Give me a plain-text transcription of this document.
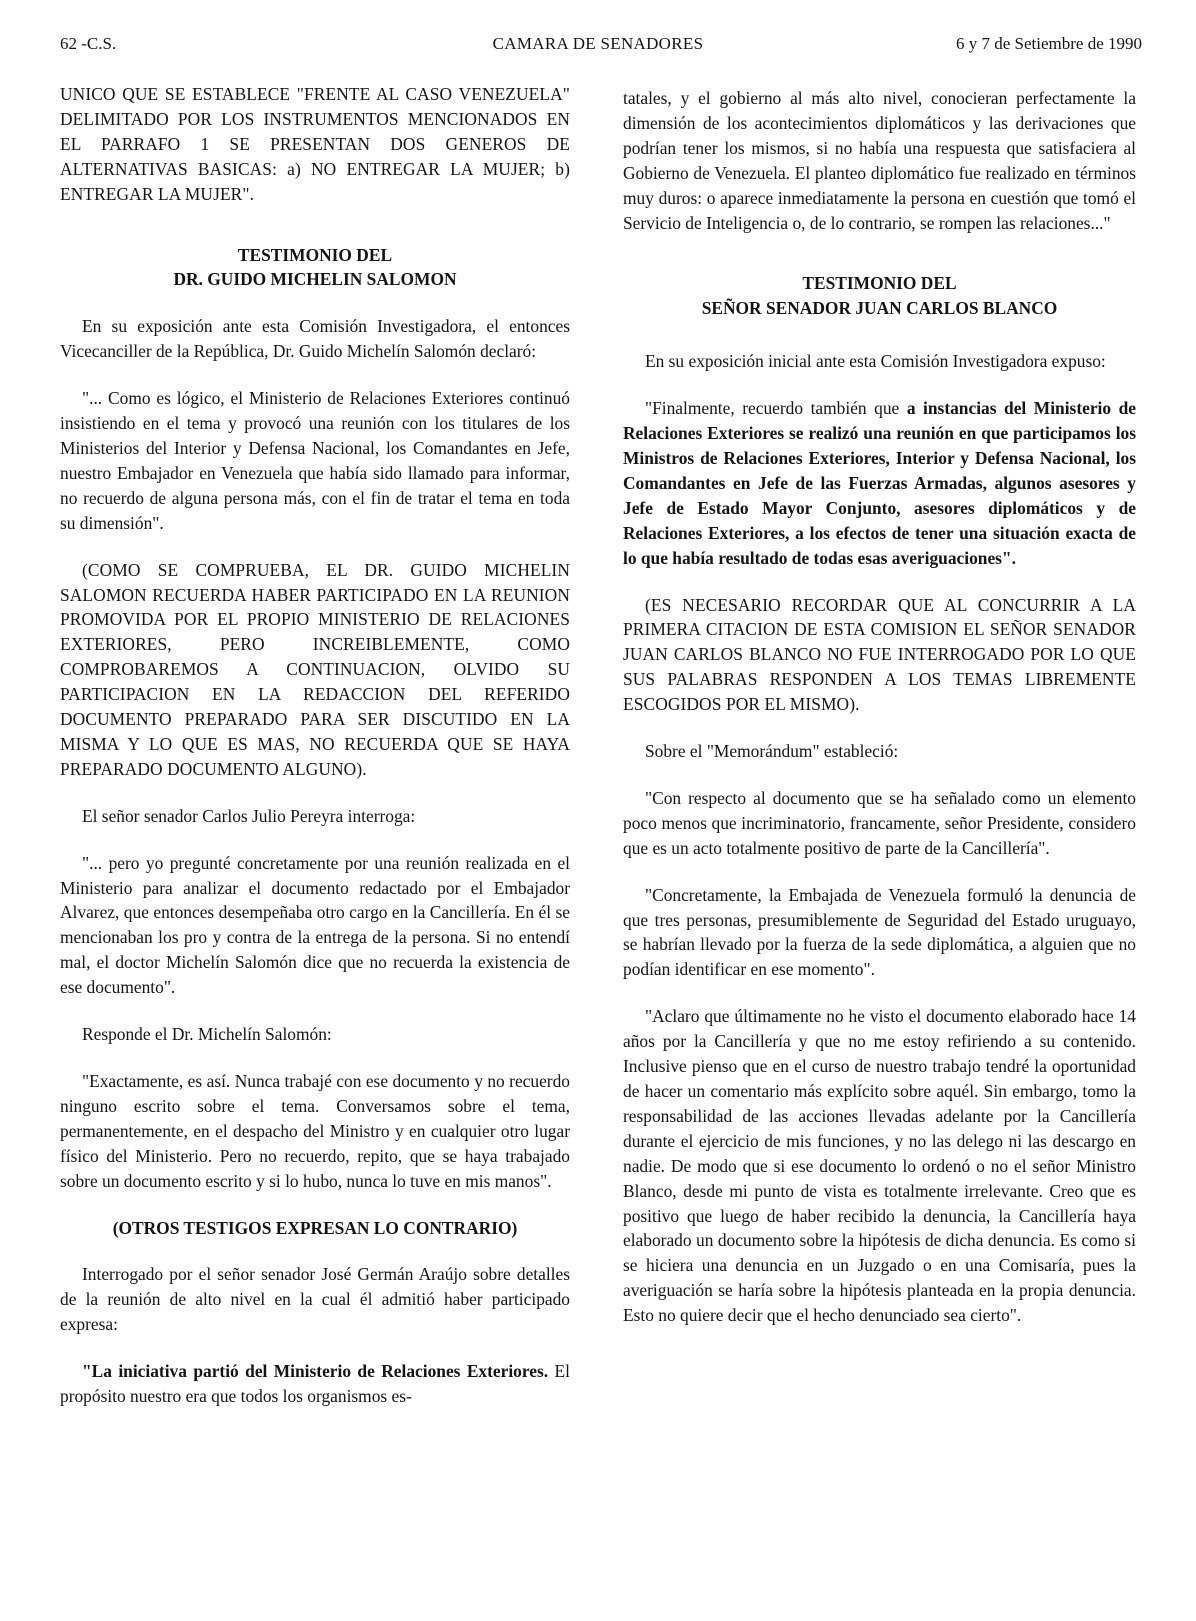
62 -C.S.	CAMARA DE SENADORES	6 y 7 de Setiembre de 1990

UNICO QUE SE ESTABLECE "FRENTE AL CASO VENEZUELA" DELIMITADO POR LOS INSTRUMENTOS MENCIONADOS EN EL PARRAFO 1 SE PRESENTAN DOS GENEROS DE ALTERNATIVAS BASICAS: a) NO ENTREGAR LA MUJER; b) ENTREGAR LA MUJER".

TESTIMONIO DEL
DR. GUIDO MICHELIN SALOMON

En su exposición ante esta Comisión Investigadora, el entonces Vicecanciller de la República, Dr. Guido Michelín Salomón declaró:

"... Como es lógico, el Ministerio de Relaciones Exteriores continuó insistiendo en el tema y provocó una reunión con los titulares de los Ministerios del Interior y Defensa Nacional, los Comandantes en Jefe, nuestro Embajador en Venezuela que había sido llamado para informar, no recuerdo de alguna persona más, con el fin de tratar el tema en toda su dimensión".

(COMO SE COMPRUEBA, EL DR. GUIDO MICHELIN SALOMON RECUERDA HABER PARTICIPADO EN LA REUNION PROMOVIDA POR EL PROPIO MINISTERIO DE RELACIONES EXTERIORES, PERO INCREIBLEMENTE, COMO COMPROBAREMOS A CONTINUACION, OLVIDO SU PARTICIPACION EN LA REDACCION DEL REFERIDO DOCUMENTO PREPARADO PARA SER DISCUTIDO EN LA MISMA Y LO QUE ES MAS, NO RECUERDA QUE SE HAYA PREPARADO DOCUMENTO ALGUNO).

El señor senador Carlos Julio Pereyra interroga:

"... pero yo pregunté concretamente por una reunión realizada en el Ministerio para analizar el documento redactado por el Embajador Alvarez, que entonces desempeñaba otro cargo en la Cancillería. En él se mencionaban los pro y contra de la entrega de la persona. Si no entendí mal, el doctor Michelín Salomón dice que no recuerda la existencia de ese documento".

Responde el Dr. Michelín Salomón:

"Exactamente, es así. Nunca trabajé con ese documento y no recuerdo ninguno escrito sobre el tema. Conversamos sobre el tema, permanentemente, en el despacho del Ministro y en cualquier otro lugar físico del Ministerio. Pero no recuerdo, repito, que se haya trabajado sobre un documento escrito y si lo hubo, nunca lo tuve en mis manos".

(OTROS TESTIGOS EXPRESAN LO CONTRARIO)

Interrogado por el señor senador José Germán Araújo sobre detalles de la reunión de alto nivel en la cual él admitió haber participado expresa:

"La iniciativa partió del Ministerio de Relaciones Exteriores. El propósito nuestro era que todos los organismos es-

tatales, y el gobierno al más alto nivel, conocieran perfectamente la dimensión de los acontecimientos diplomáticos y las derivaciones que podrían tener los mismos, si no había una respuesta que satisfaciera al Gobierno de Venezuela. El planteo diplomático fue realizado en términos muy duros: o aparece inmediatamente la persona en cuestión que tomó el Servicio de Inteligencia o, de lo contrario, se rompen las relaciones..."

TESTIMONIO DEL
SEÑOR SENADOR JUAN CARLOS BLANCO

En su exposición inicial ante esta Comisión Investigadora expuso:

"Finalmente, recuerdo también que a instancias del Ministerio de Relaciones Exteriores se realizó una reunión en que participamos los Ministros de Relaciones Exteriores, Interior y Defensa Nacional, los Comandantes en Jefe de las Fuerzas Armadas, algunos asesores y Jefe de Estado Mayor Conjunto, asesores diplomáticos y de Relaciones Exteriores, a los efectos de tener una situación exacta de lo que había resultado de todas esas averiguaciones".

(ES NECESARIO RECORDAR QUE AL CONCURRIR A LA PRIMERA CITACION DE ESTA COMISION EL SEÑOR SENADOR JUAN CARLOS BLANCO NO FUE INTERROGADO POR LO QUE SUS PALABRAS RESPONDEN A LOS TEMAS LIBREMENTE ESCOGIDOS POR EL MISMO).

Sobre el "Memorándum" estableció:

"Con respecto al documento que se ha señalado como un elemento poco menos que incriminatorio, francamente, señor Presidente, considero que es un acto totalmente positivo de parte de la Cancillería".

"Concretamente, la Embajada de Venezuela formuló la denuncia de que tres personas, presumiblemente de Seguridad del Estado uruguayo, se habrían llevado por la fuerza de la sede diplomática, a alguien que no podían identificar en ese momento".

"Aclaro que últimamente no he visto el documento elaborado hace 14 años por la Cancillería y que no me estoy refiriendo a su contenido. Inclusive pienso que en el curso de nuestro trabajo tendré la oportunidad de hacer un comentario más explícito sobre aquél. Sin embargo, tomo la responsabilidad de las acciones llevadas adelante por la Cancillería durante el ejercicio de mis funciones, y no las delego ni las descargo en nadie. De modo que si ese documento lo ordenó o no el señor Ministro Blanco, desde mi punto de vista es totalmente irrelevante. Creo que es positivo que luego de haber recibido la denuncia, la Cancillería haya elaborado un documento sobre la hipótesis de dicha denuncia. Es como si se hiciera una denuncia en un Juzgado o en una Comisaría, pues la averiguación se haría sobre la hipótesis planteada en la propia denuncia. Esto no quiere decir que el hecho denunciado sea cierto".
